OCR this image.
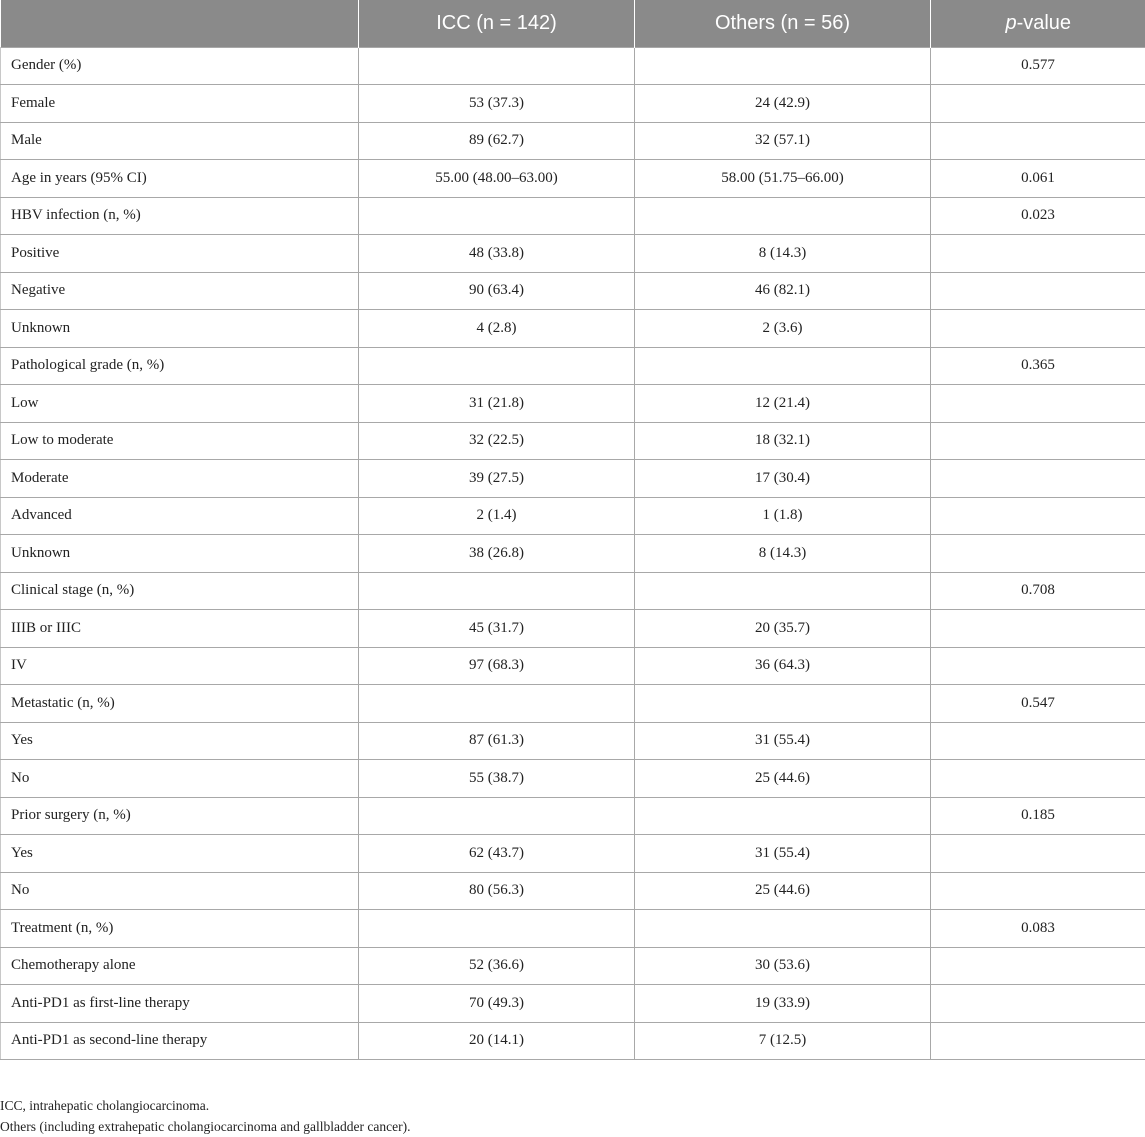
	ICC (n = 142)	Others (n = 56)	p-value
Gender (%)			0.577
Female	53 (37.3)	24 (42.9)	
Male	89 (62.7)	32 (57.1)	
Age in years (95% CI)	55.00 (48.00–63.00)	58.00 (51.75–66.00)	0.061
HBV infection (n, %)			0.023
Positive	48 (33.8)	8 (14.3)	
Negative	90 (63.4)	46 (82.1)	
Unknown	4 (2.8)	2 (3.6)	
Pathological grade (n, %)			0.365
Low	31 (21.8)	12 (21.4)	
Low to moderate	32 (22.5)	18 (32.1)	
Moderate	39 (27.5)	17 (30.4)	
Advanced	2 (1.4)	1 (1.8)	
Unknown	38 (26.8)	8 (14.3)	
Clinical stage (n, %)			0.708
IIIB or IIIC	45 (31.7)	20 (35.7)	
IV	97 (68.3)	36 (64.3)	
Metastatic (n, %)			0.547
Yes	87 (61.3)	31 (55.4)	
No	55 (38.7)	25 (44.6)	
Prior surgery (n, %)			0.185
Yes	62 (43.7)	31 (55.4)	
No	80 (56.3)	25 (44.6)	
Treatment (n, %)			0.083
Chemotherapy alone	52 (36.6)	30 (53.6)	
Anti-PD1 as first-line therapy	70 (49.3)	19 (33.9)	
Anti-PD1 as second-line therapy	20 (14.1)	7 (12.5)	
ICC, intrahepatic cholangiocarcinoma.
Others (including extrahepatic cholangiocarcinoma and gallbladder cancer).
